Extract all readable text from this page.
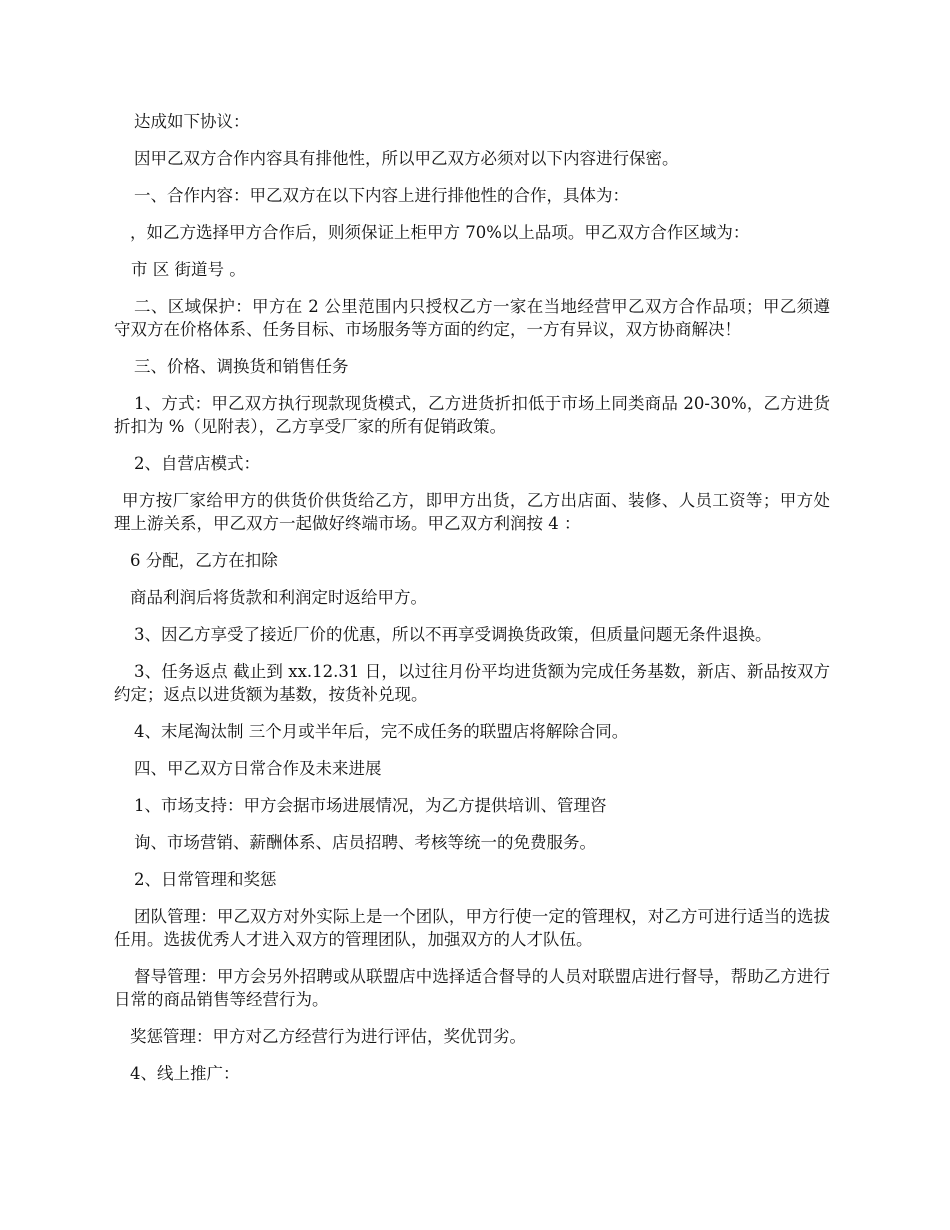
达成如下协议：

因甲乙双方合作内容具有排他性，所以甲乙双方必须对以下内容进行保密。

一、合作内容：甲乙双方在以下内容上进行排他性的合作，具体为：

，如乙方选择甲方合作后，则须保证上柜甲方 70%以上品项。甲乙双方合作区域为：

市 区 街道号 。

二、区域保护：甲方在 2 公里范围内只授权乙方一家在当地经营甲乙双方合作品项；甲乙须遵守双方在价格体系、任务目标、市场服务等方面的约定，一方有异议，双方协商解决！

三、价格、调换货和销售任务

1、方式：甲乙双方执行现款现货模式，乙方进货折扣低于市场上同类商品 20-30%，乙方进货折扣为 %（见附表），乙方享受厂家的所有促销政策。

2、自营店模式：

甲方按厂家给甲方的供货价供货给乙方，即甲方出货，乙方出店面、装修、人员工资等；甲方处理上游关系，甲乙双方一起做好终端市场。甲乙双方利润按 4 ：

6 分配，乙方在扣除

商品利润后将货款和利润定时返给甲方。

3、因乙方享受了接近厂价的优惠，所以不再享受调换货政策，但质量问题无条件退换。

3、任务返点 截止到 xx.12.31 日，以过往月份平均进货额为完成任务基数，新店、新品按双方约定；返点以进货额为基数，按货补兑现。

4、末尾淘汰制 三个月或半年后，完不成任务的联盟店将解除合同。

四、甲乙双方日常合作及未来进展

1、市场支持：甲方会据市场进展情况，为乙方提供培训、管理咨

询、市场营销、薪酬体系、店员招聘、考核等统一的免费服务。

2、日常管理和奖惩

团队管理：甲乙双方对外实际上是一个团队，甲方行使一定的管理权，对乙方可进行适当的选拔任用。选拔优秀人才进入双方的管理团队，加强双方的人才队伍。

督导管理：甲方会另外招聘或从联盟店中选择适合督导的人员对联盟店进行督导，帮助乙方进行日常的商品销售等经营行为。

奖惩管理：甲方对乙方经营行为进行评估，奖优罚劣。

4、线上推广：
